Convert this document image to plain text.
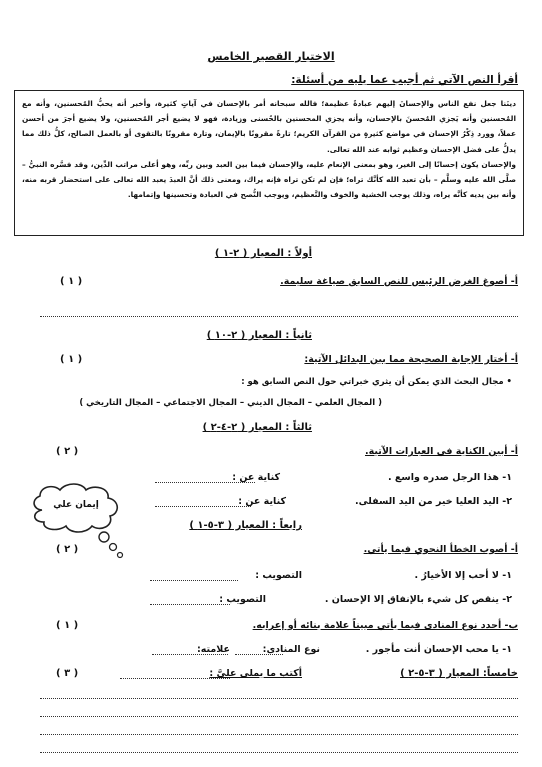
الاختبار القصير الخامس
أقرأ النص الآتي ثم أجيب عما يليه من أسئلة:

دينَنا جعل نفع الناس والإحسانَ إليهم عبادةً عظيمة؛ فالله سبحانه أمر بالإحسان في آياتٍ كثيرة، وأخبر أنه يحبُّ المُحسنين، وأنه مع المُحسنين وأنه يَجزي المُحسنَ بالإحسان، وأنه يجزي المحسنين بالحُسنى وزيادة، فهو لا يضيع أجر المُحسنين، ولا يضيع أجرَ من أحسن عملاً، وورد ذِكْرُ الإحسان في مواضع كثيرةٍ من القرآن الكريم؛ تارةً مقرونًا بالإيمان، وتارة مقرونًا بالتقوى أو بالعمل الصالح، كلُّ ذلك مما يدلُّ على فضل الإحسان وعظيم ثوابه عند الله تعالى.

والإحسان يكون إحسانًا إلى الغير، وهو بمعنى الإنعام عليه، والإحسان فيما بين العبد وبين ربِّه، وهو أعلى مراتب الدِّين، وقد فسَّره النبيُّ – صلَّى الله عليه وسلَّم – بأن تعبد الله كأنَّك تراه؛ فإن لم تكن تراه فإنه يراك، ومعنى ذلك أنَّ العبدَ يعبد الله تعالى على استحضار قربه منه، وأنه بين يديه كأنَّه يراه، وذلك يوجب الخشية والخوف والتَّعظيم، ويوجب النُّصح في العبادة وتحسينها وإتمامها.

أولاً : المعيار ( ٢-١ )
أ- أصوغ الغرض الرئيس للنص السابق صياغة سليمة.
( ١ )
ثانياً : المعيار ( ٢-١٠ )
أ- أختار الإجابة الصحيحة مما بين البدائل الآتية:
( ١ )
• مجال البحث الذي يمكن أن يثري خبراتي حول النص السابق هو :
( المجال العلمي – المجال الديني – المجال الاجتماعي – المجال التاريخي )
ثالثاً : المعيار ( ٢-٤-٢ )
أ- أبين الكناية في العبارات الآتية.
( ٢ )
١- هذا الرجل صدره واسع .
كناية عن :
٢- اليد العليا خير من اليد السفلى.
كناية عن :
إيمان علي
رابعاً : المعيار ( ٣-٥-١ )
أ- أصوب الخطأ النحوي فيما يأتي.
( ٢ )
١- لا أحب إلا الأخيارُ .
التصويب :
٢- ينقص كل شيء بالإنفاق إلا الإحسان .
التصويب :
ب- أحدد نوع المنادى فيما يأتي مبيناً علامة بنائه أو إعرابه.
( ١ )
١- يا محب الإحسان أنت مأجور .
نوع المنادى:
علامته:
خامساً: المعيار ( ٣-٥-٢ )
أكتب ما يملى عليَّ :
( ٣ )
